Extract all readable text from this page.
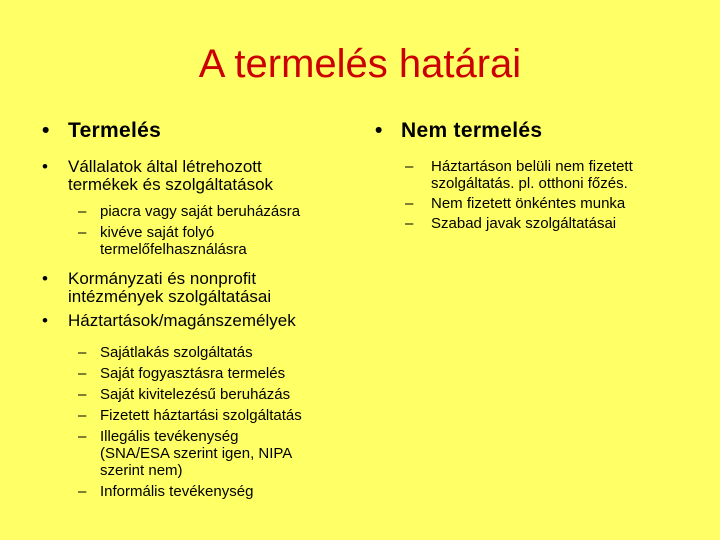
A termelés határai
• Termelés
• Vállalatok által létrehozott
termékek és szolgáltatások
– piacra vagy saját beruházásra
– kivéve saját folyó
termelőfelhasználásra
• Kormányzati és nonprofit
intézmények szolgáltatásai
• Háztartások/magánszemélyek
– Sajátlakás szolgáltatás
– Saját fogyasztásra termelés
– Saját kivitelezésű beruházás
– Fizetett háztartási szolgáltatás
– Illegális tevékenység
(SNA/ESA szerint igen, NIPA
szerint nem)
– Informális tevékenység
• Nem termelés
– Háztartáson belüli nem fizetett
szolgáltatás. pl. otthoni főzés.
– Nem fizetett önkéntes munka
– Szabad javak szolgáltatásai
